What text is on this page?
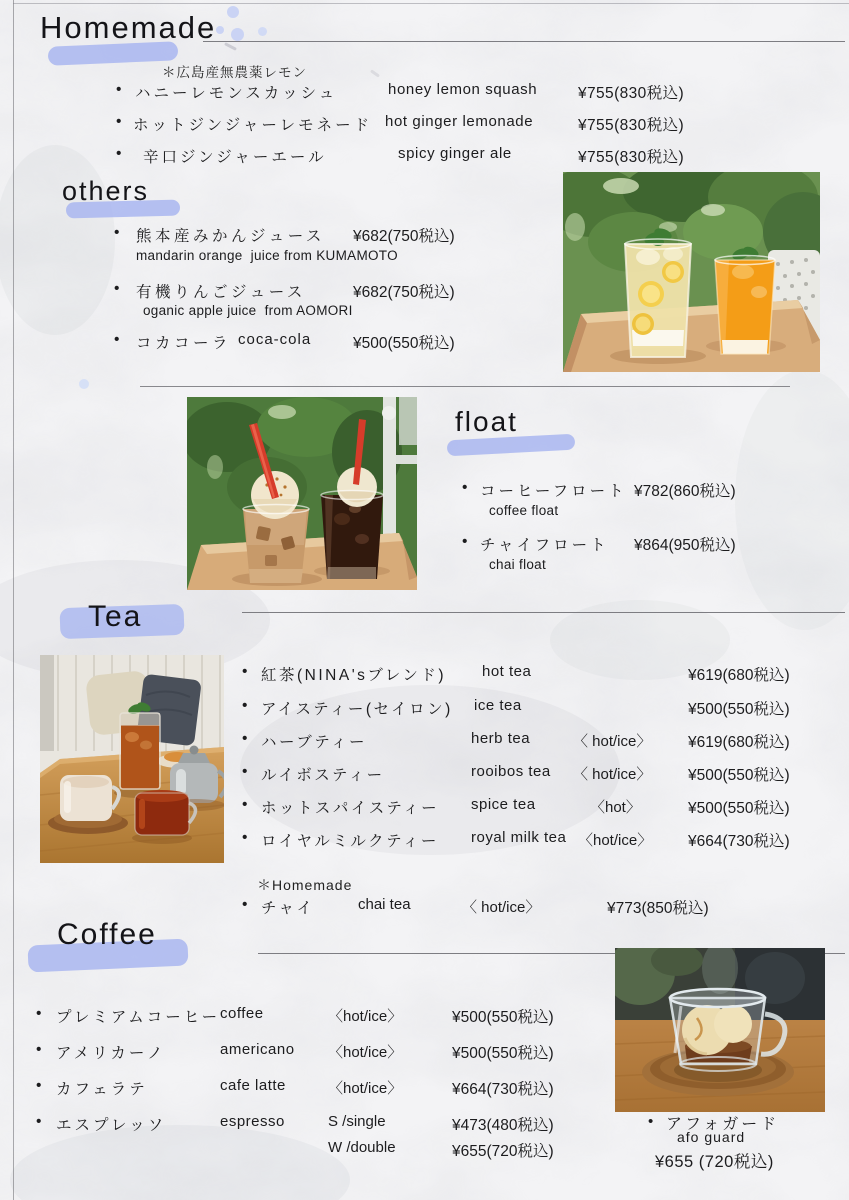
Homemade
＊広島産無農薬レモン
•
ハニーレモンスカッシュ	honey lemon squash	¥755(830税込)
•
ホットジンジャーレモネード hot ginger lemonade	¥755(830税込)
•
辛口ジンジャーエール	spicy ginger ale	¥755(830税込)
others
•
熊本産みかんジュース ¥682(750税込)
mandarin orange  juice from KUMAMOTO
•
有機りんごジュース	¥682(750税込)
oganic apple juice  from AOMORI
•
コカコーラ coca-cola	¥500(550税込)
float
•
コーヒーフロート ¥782(860税込)
coffee float
•
チャイフロート ¥864(950税込)
chai float
Tea
•
紅茶(NINA'sブレンド) hot tea	¥619(680税込)
•
アイスティー(セイロン) ice tea	¥500(550税込)
•
ハーブティー	herb tea	〈 hot/ice〉 ¥619(680税込)
•
ルイボスティー	rooibos tea 〈 hot/ice〉 ¥500(550税込)
•
ホットスパイスティー spice tea	〈hot〉	¥500(550税込)
•
ロイヤルミルクティー royal milk tea 〈hot/ice〉 ¥664(730税込)
＊Homemade
•
チャイ	chai tea	〈 hot/ice〉	¥773(850税込)
Coffee
•
プレミアムコーヒー coffee	〈hot/ice〉	¥500(550税込)
•
アメリカーノ	americano 〈hot/ice〉	¥500(550税込)
•
カフェラテ	cafe latte	〈hot/ice〉	¥664(730税込)
•
エスプレッソ	espresso	S /single	¥473(480税込)
W /double	¥655(720税込)
• アフォガード
afo guard
¥655 (720税込)
